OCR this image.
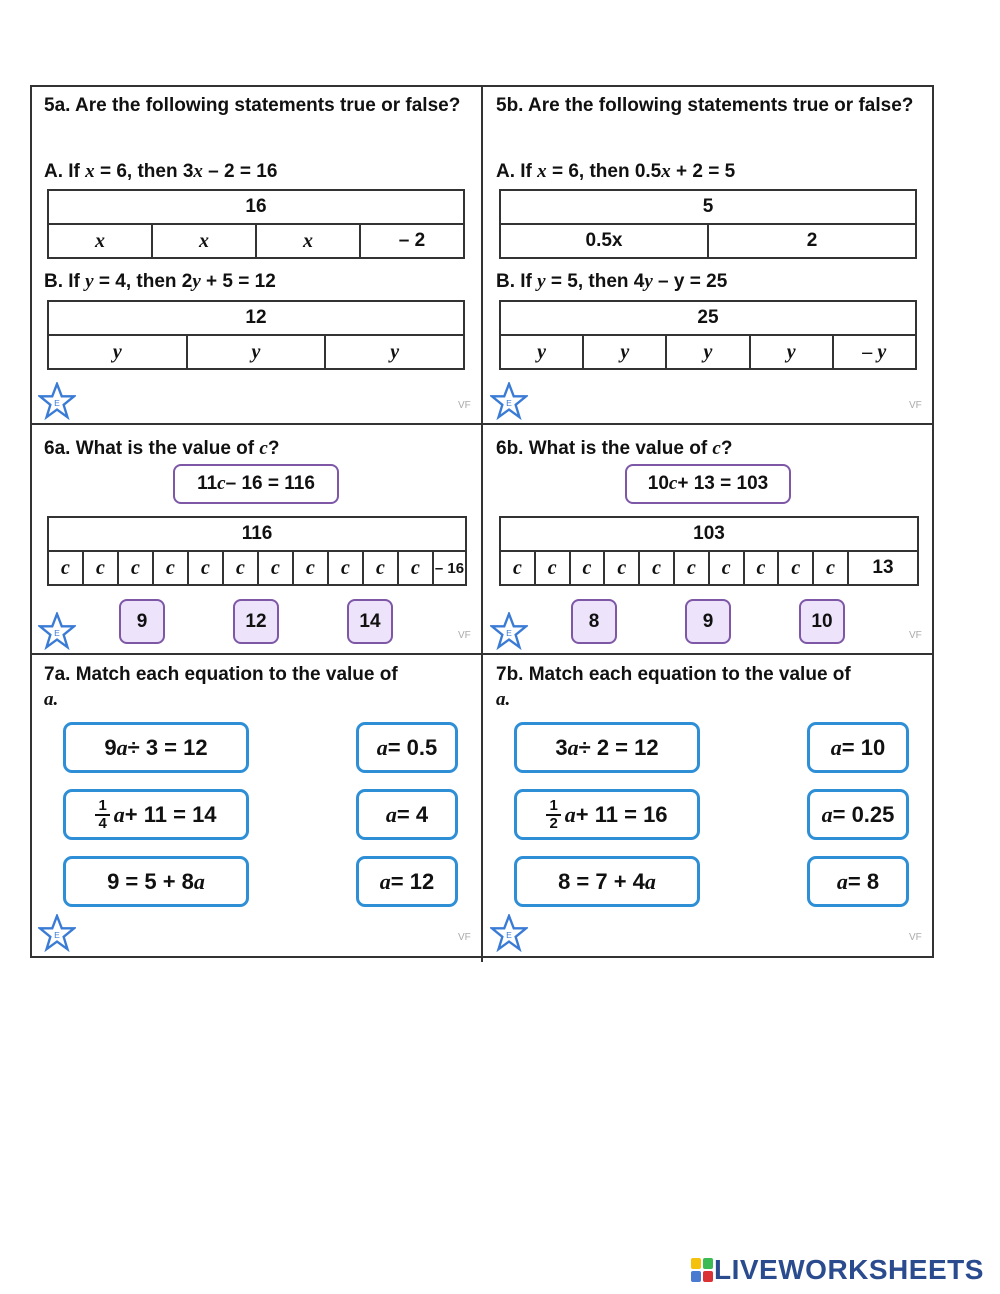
5a. Are the following statements true or false?
A. If x = 6, then 3x – 2 = 16
16
x	x	x	– 2
B. If y = 4, then 2y + 5 = 12
12
y	y	y
E	VF
5b. Are the following statements true or false?
A. If x = 6, then 0.5x + 2 = 5
5
0.5x	2
B. If y = 5, then 4y – y = 25
25
y	y	y	y	– y
E	VF
6a. What is the value of c?
11 c – 16 = 116
116
c	c	c	c	c	c	c	c	c	c	c	– 16
9	12	14
E	VF
6b. What is the value of c?
10 c + 13 = 103
103
c	c	c	c	c	c	c	c	c	c	13
8	9	10
E	VF
7a. Match each equation to the value of
a.
9 a ÷ 3 = 12
$\frac{1}{4}$ a + 11 = 14
9 = 5 + 8 a
a = 0.5
a = 4
a = 12
E	VF
7b. Match each equation to the value of
a.
3 a ÷ 2 = 12
$\frac{1}{2}$ a + 11 = 16
8 = 7 + 4 a
a = 10
a = 0.25
a = 8
E	VF
LIVEWORKSHEETS
